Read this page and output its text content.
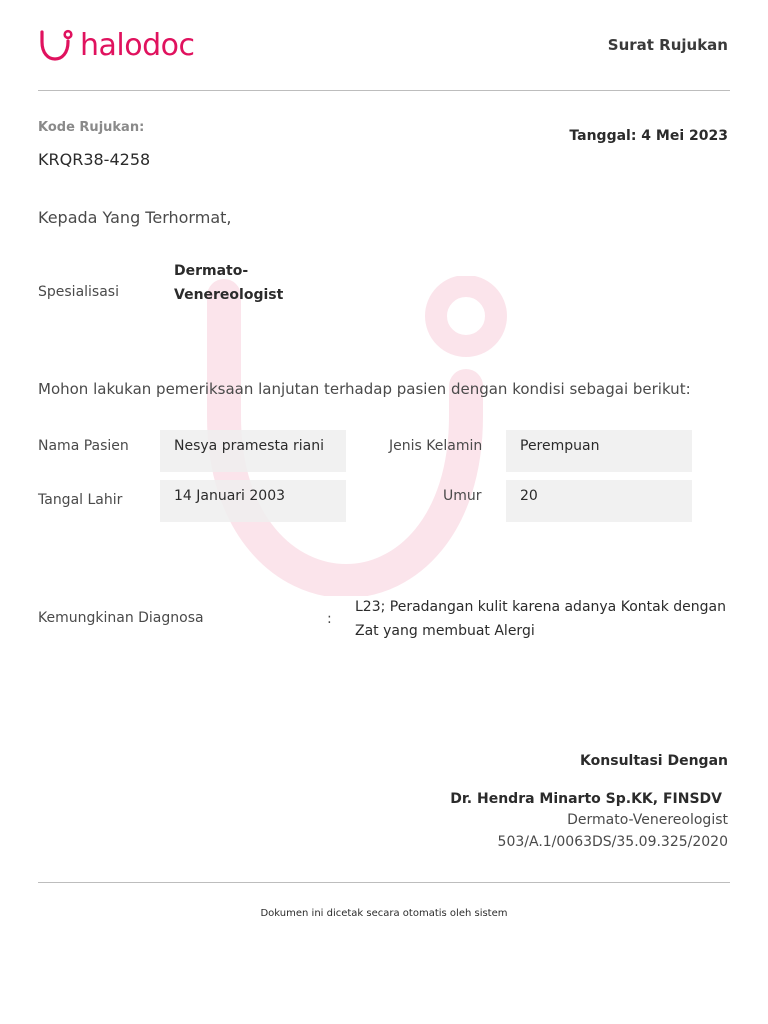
halodoc	Surat Rujukan
Kode Rujukan:
KRQR38-4258
Tanggal: 4 Mei 2023
Kepada Yang Terhormat,
Spesialisasi
Dermato-
Venereologist
Mohon lakukan pemeriksaan lanjutan terhadap pasien dengan kondisi sebagai berikut:
Nama Pasien	Nesya pramesta riani	Jenis Kelamin	Perempuan
Tangal Lahir	14 Januari 2003	Umur	20
Kemungkinan Diagnosa	:
L23; Peradangan kulit karena adanya Kontak dengan
Zat yang membuat Alergi
Konsultasi Dengan
Dr. Hendra Minarto Sp.KK, FINSDV
Dermato-Venereologist
503/A.1/0063DS/35.09.325/2020
Dokumen ini dicetak secara otomatis oleh sistem
